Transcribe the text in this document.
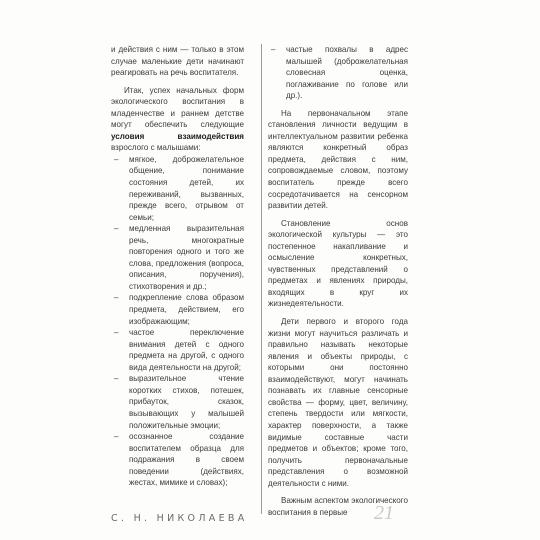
и действия с ним — только в этом случае маленькие дети начинают реагировать на речь воспитателя.

Итак, успех начальных форм экологического воспитания в младенчестве и раннем детстве могут обеспечить следующие условия взаимодействия взрослого с малышами:

– мягкое, доброжелательное общение, понимание состояния детей, их переживаний, вызванных, прежде всего, отрывом от семьи;
– медленная выразительная речь, многократные повторения одного и того же слова, предложения (вопроса, описания, поручения), стихотворения и др.;
– подкрепление слова образом предмета, действием, его изображающим;
– частое переключение внимания детей с одного предмета на другой, с одного вида деятельности на другой;
– выразительное чтение коротких стихов, потешек, прибауток, сказок, вызывающих у малышей положительные эмоции;
– осознанное создание воспитателем образца для подражания в своем поведении (действиях, жестах, мимике и словах);
– частые похвалы в адрес малышей (доброжелательная словесная оценка, поглаживание по голове или др.).

На первоначальном этапе становления личности ведущим в интеллектуальном развитии ребенка являются конкретный образ предмета, действия с ним, сопровождаемые словом, поэтому воспитатель прежде всего сосредотачивается на сенсорном развитии детей.

Становление основ экологической культуры — это постепенное накапливание и осмысление конкретных, чувственных представлений о предметах и явлениях природы, входящих в круг их жизнедеятельности.

Дети первого и второго года жизни могут научиться различать и правильно называть некоторые явления и объекты природы, с которыми они постоянно взаимодействуют, могут начинать познавать их главные сенсорные свойства — форму, цвет, величину, степень твердости или мягкости, характер поверхности, а также видимые составные части предметов и объектов; кроме того, получить первоначальные представления о возможной деятельности с ними.

Важным аспектом экологического воспитания в первые

С. Н. НИКОЛАЕВА	21
